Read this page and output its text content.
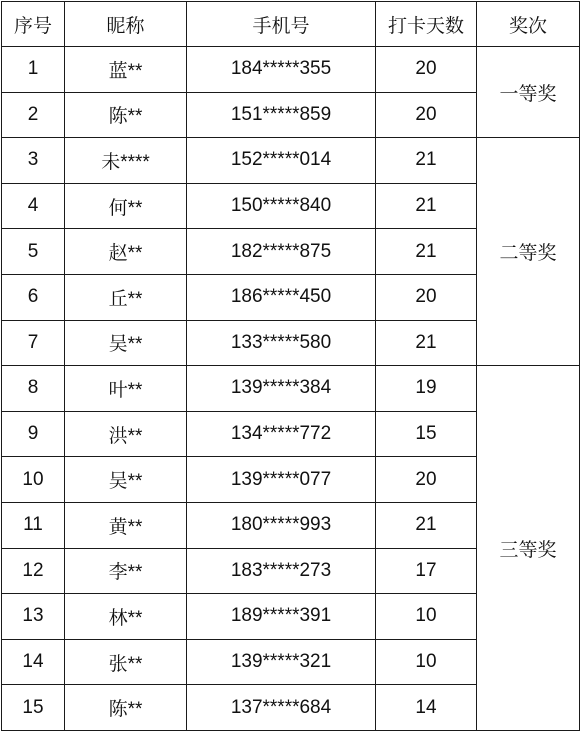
序号	昵称	手机号	打卡天数	奖次
1	蓝**	184*****355	20	一等奖
2	陈**	151*****859	20	
3	未****	152*****014	21	二等奖
4	何**	150*****840	21	
5	赵**	182*****875	21	
6	丘**	186*****450	20	
7	吴**	133*****580	21	
8	叶**	139*****384	19	三等奖
9	洪**	134*****772	15	
10	吴**	139*****077	20	
11	黄**	180*****993	21	
12	李**	183*****273	17	
13	林**	189*****391	10	
14	张**	139*****321	10	
15	陈**	137*****684	14	
